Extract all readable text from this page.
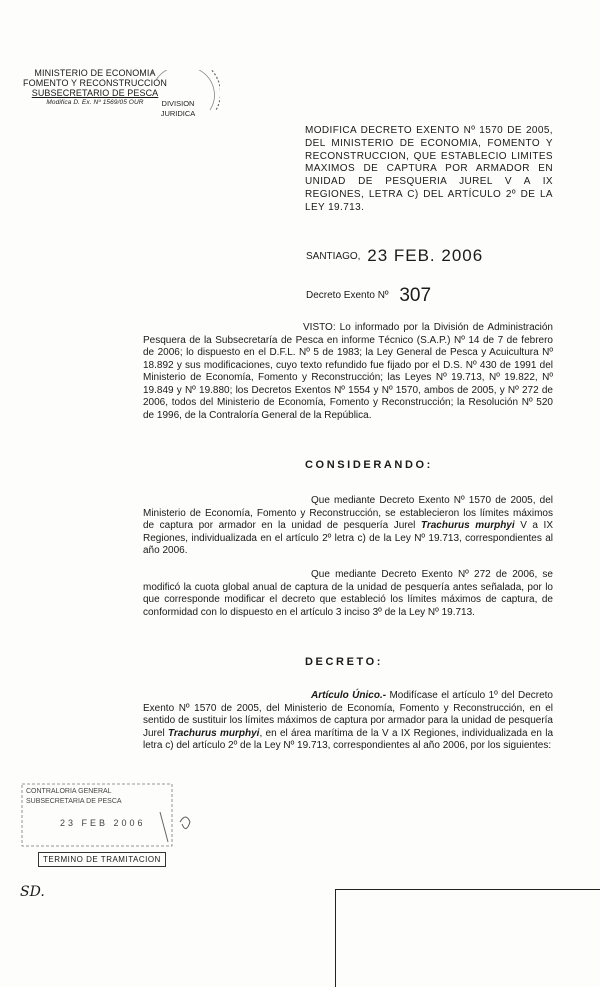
MINISTERIO DE ECONOMIA
FOMENTO Y RECONSTRUCCION
SUBSECRETARIO DE PESCA
Modifica D. Ex. Nº 1569/05 OUR	DIVISION
JURIDICA
MODIFICA DECRETO EXENTO Nº 1570 DE 2005, DEL MINISTERIO DE ECONOMIA, FOMENTO Y RECONSTRUCCION, QUE ESTABLECIO LIMITES MAXIMOS DE CAPTURA POR ARMADOR EN UNIDAD DE PESQUERIA JUREL V A IX REGIONES, LETRA C) DEL ARTÍCULO 2º DE LA LEY 19.713.
SANTIAGO, 23 FEB. 2006
Decreto Exento Nº 307
VISTO: Lo informado por la División de Administración Pesquera de la Subsecretaría de Pesca en informe Técnico (S.A.P.) Nº 14 de 7 de febrero de 2006; lo dispuesto en el D.F.L. Nº 5 de 1983; la Ley General de Pesca y Acuicultura Nº 18.892 y sus modificaciones, cuyo texto refundido fue fijado por el D.S. Nº 430 de 1991 del Ministerio de Economía, Fomento y Reconstrucción; las Leyes Nº 19.713, Nº 19.822, Nº 19.849 y Nº 19.880; los Decretos Exentos Nº 1554 y Nº 1570, ambos de 2005, y Nº 272 de 2006, todos del Ministerio de Economía, Fomento y Reconstrucción; la Resolución Nº 520 de 1996, de la Contraloría General de la República.
CONSIDERANDO:
Que mediante Decreto Exento Nº 1570 de 2005, del Ministerio de Economía, Fomento y Reconstrucción, se establecieron los límites máximos de captura por armador en la unidad de pesquería Jurel Trachurus murphyi V a IX Regiones, individualizada en el artículo 2º letra c) de la Ley Nº 19.713, correspondientes al año 2006.
Que mediante Decreto Exento Nº 272 de 2006, se modificó la cuota global anual de captura de la unidad de pesquería antes señalada, por lo que corresponde modificar el decreto que estableció los límites máximos de captura, de conformidad con lo dispuesto en el artículo 3 inciso 3º de la Ley Nº 19.713.
DECRETO:
Artículo Único.- Modifícase el artículo 1º del Decreto Exento Nº 1570 de 2005, del Ministerio de Economía, Fomento y Reconstrucción, en el sentido de sustituir los límites máximos de captura por armador para la unidad de pesquería Jurel Trachurus murphyi, en el área marítima de la V a IX Regiones, individualizada en la letra c) del artículo 2º de la Ley Nº 19.713, correspondientes al año 2006, por los siguientes:
CONTRALORIA GENERAL
SUBSECRETARIA DE PESCA
23 FEB 2006
TERMINO DE TRAMITACION
SD.
